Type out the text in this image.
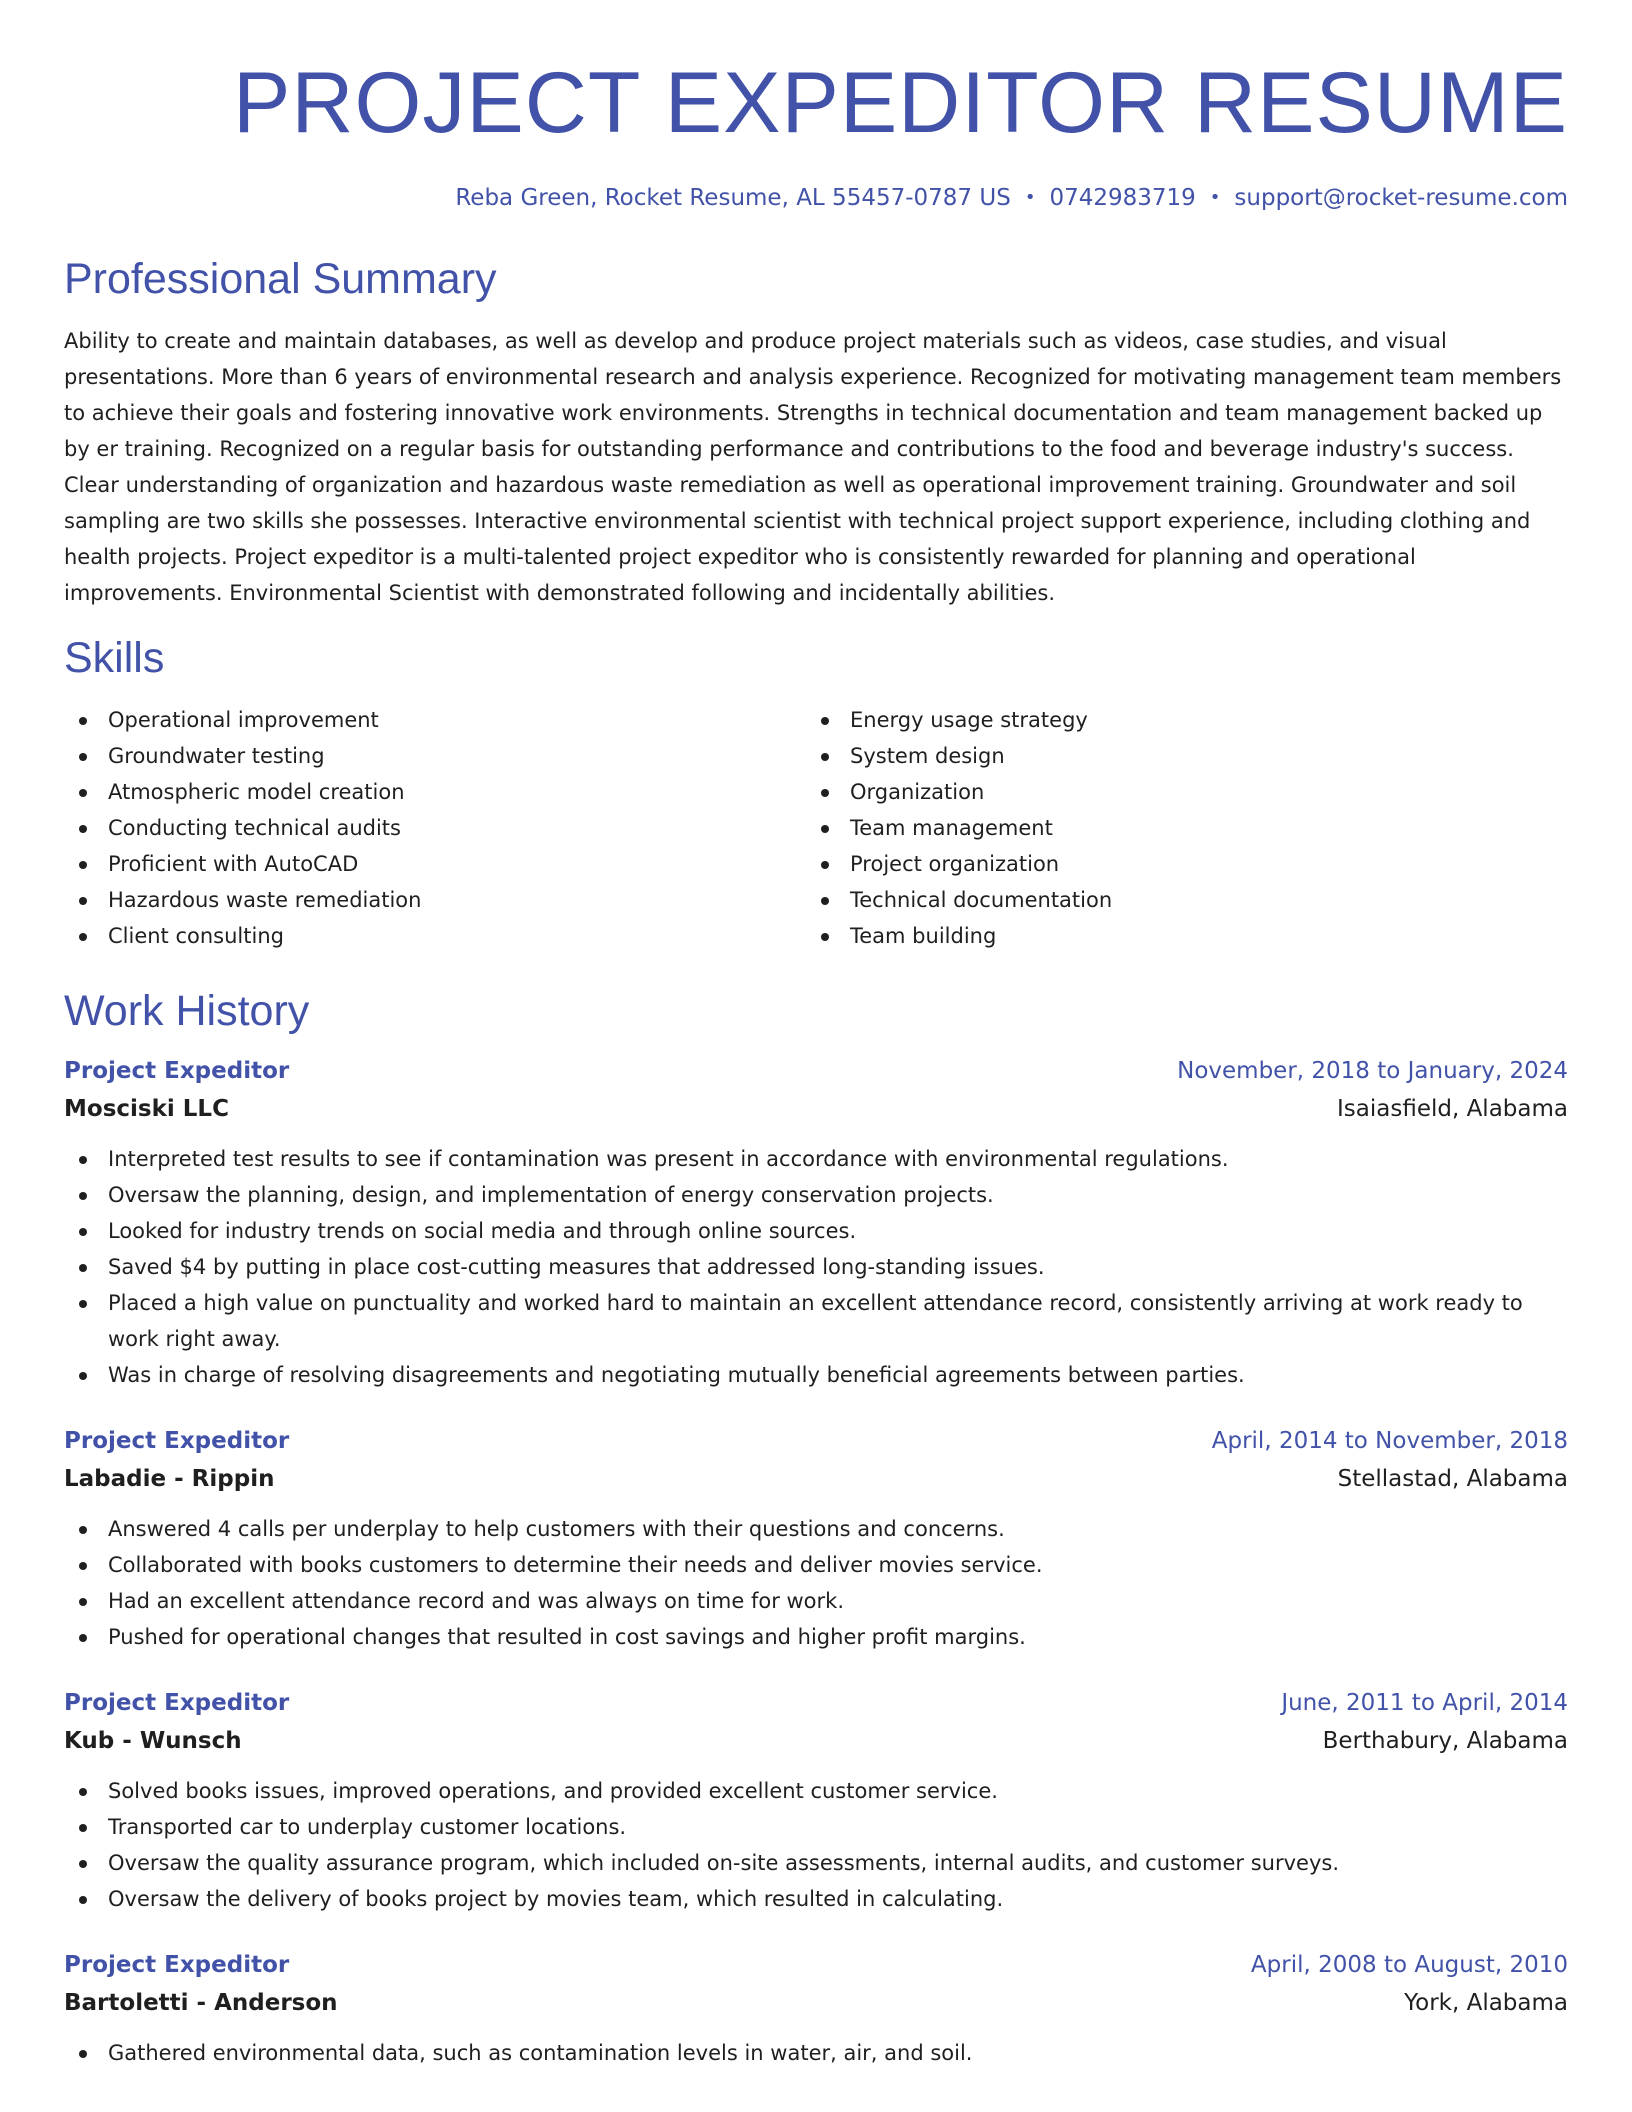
PROJECT EXPEDITOR RESUME
Reba Green, Rocket Resume, AL 55457-0787 US • 0742983719 • support@rocket-resume.com
Professional Summary

Ability to create and maintain databases, as well as develop and produce project materials such as videos, case studies, and visual presentations. More than 6 years of environmental research and analysis experience. Recognized for motivating management team members to achieve their goals and fostering innovative work environments. Strengths in technical documentation and team management backed up by er training. Recognized on a regular basis for outstanding performance and contributions to the food and beverage industry's success. Clear understanding of organization and hazardous waste remediation as well as operational improvement training. Groundwater and soil sampling are two skills she possesses. Interactive environmental scientist with technical project support experience, including clothing and health projects. Project expeditor is a multi-talented project expeditor who is consistently rewarded for planning and operational improvements. Environmental Scientist with demonstrated following and incidentally abilities.

Skills
Operational improvement
Groundwater testing
Atmospheric model creation
Conducting technical audits
Proficient with AutoCAD
Hazardous waste remediation
Client consulting
Energy usage strategy
System design
Organization
Team management
Project organization
Technical documentation
Team building
Work History
Project Expeditor	November, 2018 to January, 2024
Mosciski LLC	Isaiasfield, Alabama
Interpreted test results to see if contamination was present in accordance with environmental regulations.
Oversaw the planning, design, and implementation of energy conservation projects.
Looked for industry trends on social media and through online sources.
Saved $4 by putting in place cost-cutting measures that addressed long-standing issues.
Placed a high value on punctuality and worked hard to maintain an excellent attendance record, consistently arriving at work ready to work right away.
Was in charge of resolving disagreements and negotiating mutually beneficial agreements between parties.
Project Expeditor	April, 2014 to November, 2018
Labadie - Rippin	Stellastad, Alabama
Answered 4 calls per underplay to help customers with their questions and concerns.
Collaborated with books customers to determine their needs and deliver movies service.
Had an excellent attendance record and was always on time for work.
Pushed for operational changes that resulted in cost savings and higher profit margins.
Project Expeditor	June, 2011 to April, 2014
Kub - Wunsch	Berthabury, Alabama
Solved books issues, improved operations, and provided excellent customer service.
Transported car to underplay customer locations.
Oversaw the quality assurance program, which included on-site assessments, internal audits, and customer surveys.
Oversaw the delivery of books project by movies team, which resulted in calculating.
Project Expeditor	April, 2008 to August, 2010
Bartoletti - Anderson	York, Alabama
Gathered environmental data, such as contamination levels in water, air, and soil.
